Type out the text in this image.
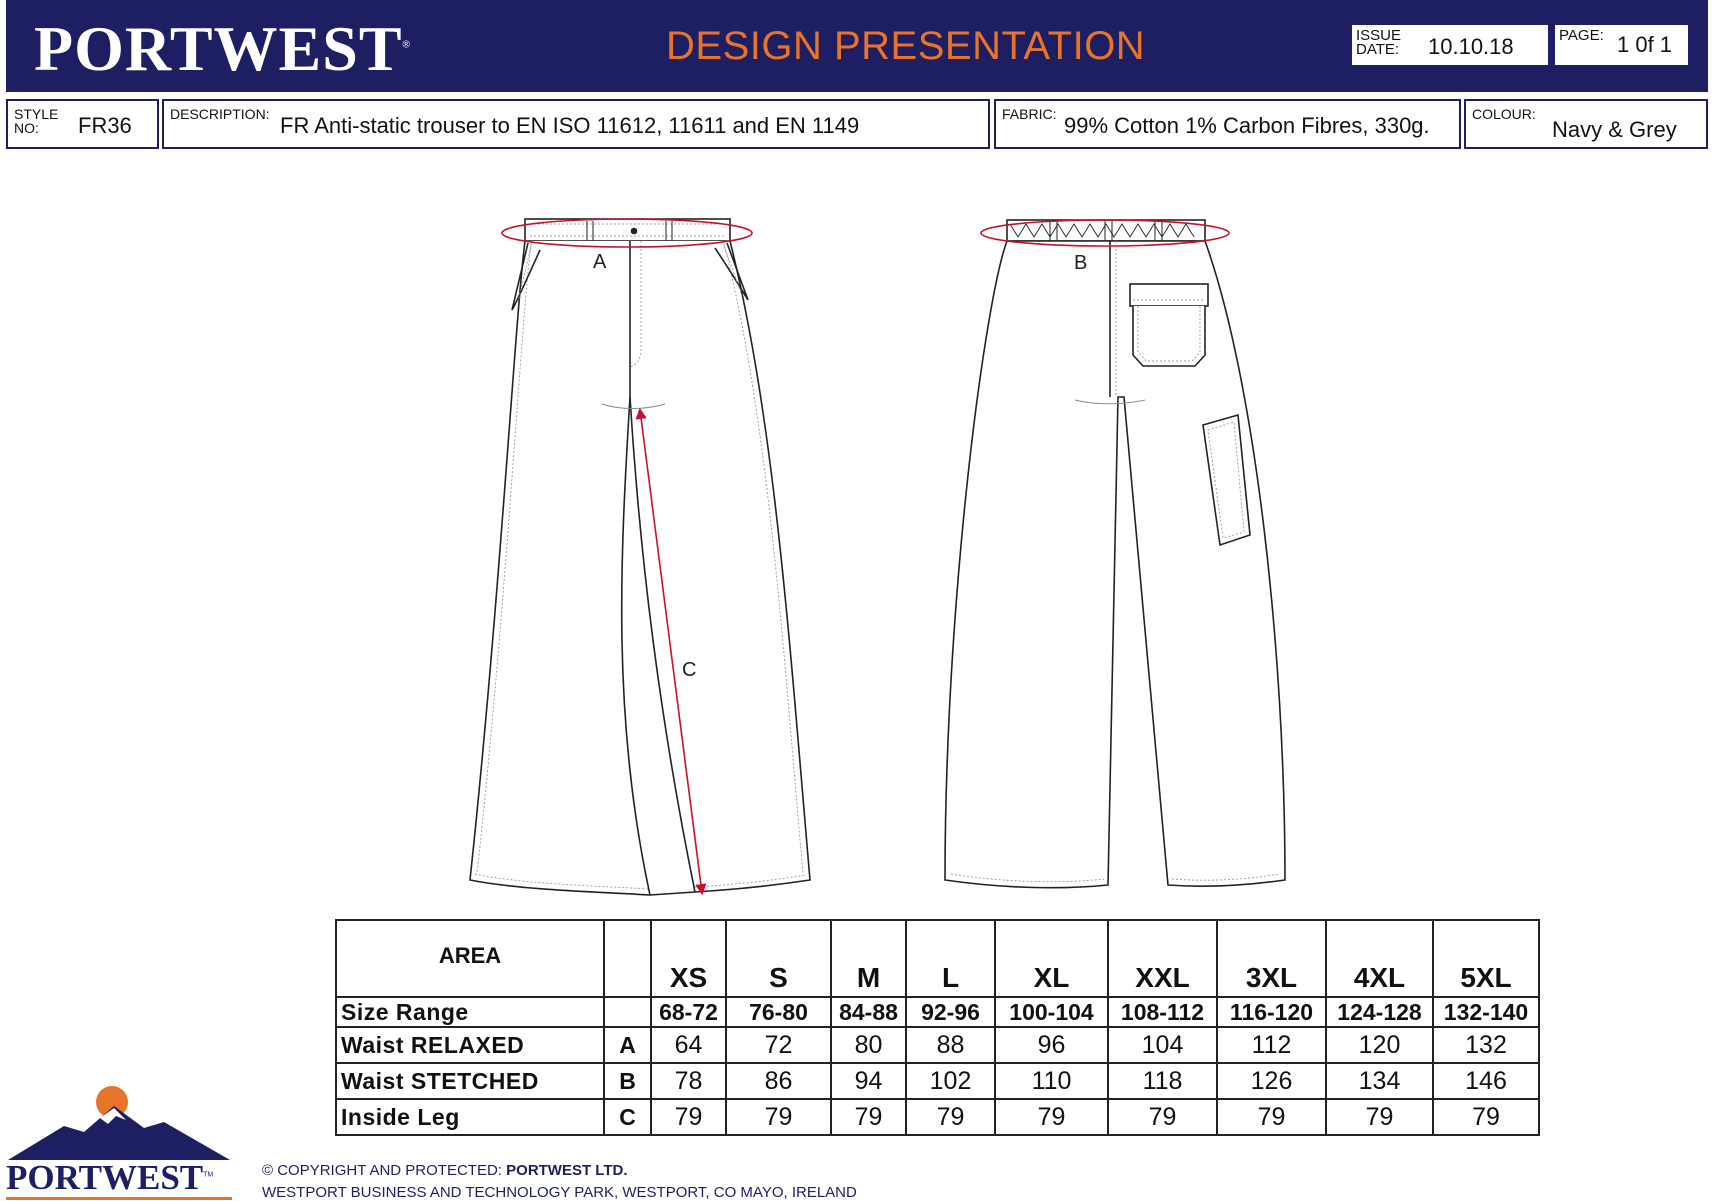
PORTWEST®	DESIGN PRESENTATION	ISSUE
DATE: 10.10.18	PAGE: 1 0f 1
STYLE
NO:	FR36	DESCRIPTION: FR Anti-static trouser to EN ISO 11612, 11611 and EN 1149	FABRIC: 99% Cotton 1% Carbon Fibres, 330g.	COLOUR:
Navy & Grey
A
C
B
AREA		XS	S	M	L	XL	XXL	3XL	4XL	5XL
Size Range		68-72	76-80	84-88	92-96	100-104	108-112	116-120	124-128	132-140
Waist RELAXED	A	64	72	80	88	96	104	112	120	132
Waist STETCHED	B	78	86	94	102	110	118	126	134	146
Inside Leg	C	79	79	79	79	79	79	79	79	79
PORTWEST™	© COPYRIGHT AND PROTECTED: PORTWEST LTD.
WESTPORT BUSINESS AND TECHNOLOGY PARK, WESTPORT, CO MAYO, IRELAND
